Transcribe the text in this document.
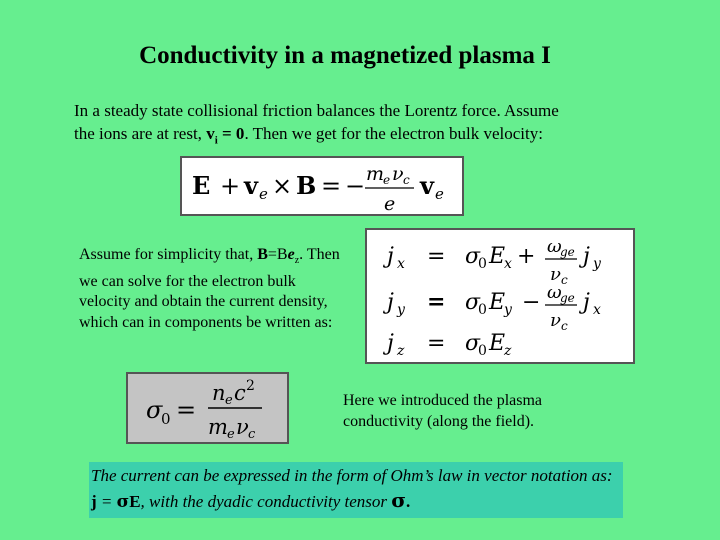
Conductivity in a magnetized plasma I
In a steady state collisional friction balances the Lorentz force. Assume
the ions are at rest, $v_i = 0$. Then we get for the electron bulk velocity:
E + v e × B = − m
e ν c
e
v e
j x = σ
0 E
x + ω
ge
ν c
j y
j y = σ
0 E
y − ω
ge
ν c
j x
j z = σ
0 E
z
Assume for simplicity that, $B=Be_z$. Then we can solve for the electron bulk velocity and obtain the current density, which can in components be written as:
σ
0 =
n e c 2
m e ν c
Here we introduced the plasma conductivity (along the field).
The current can be expressed in the form of Ohm’s law in vector notation as: j = σE, with the dyadic conductivity tensor σ.
